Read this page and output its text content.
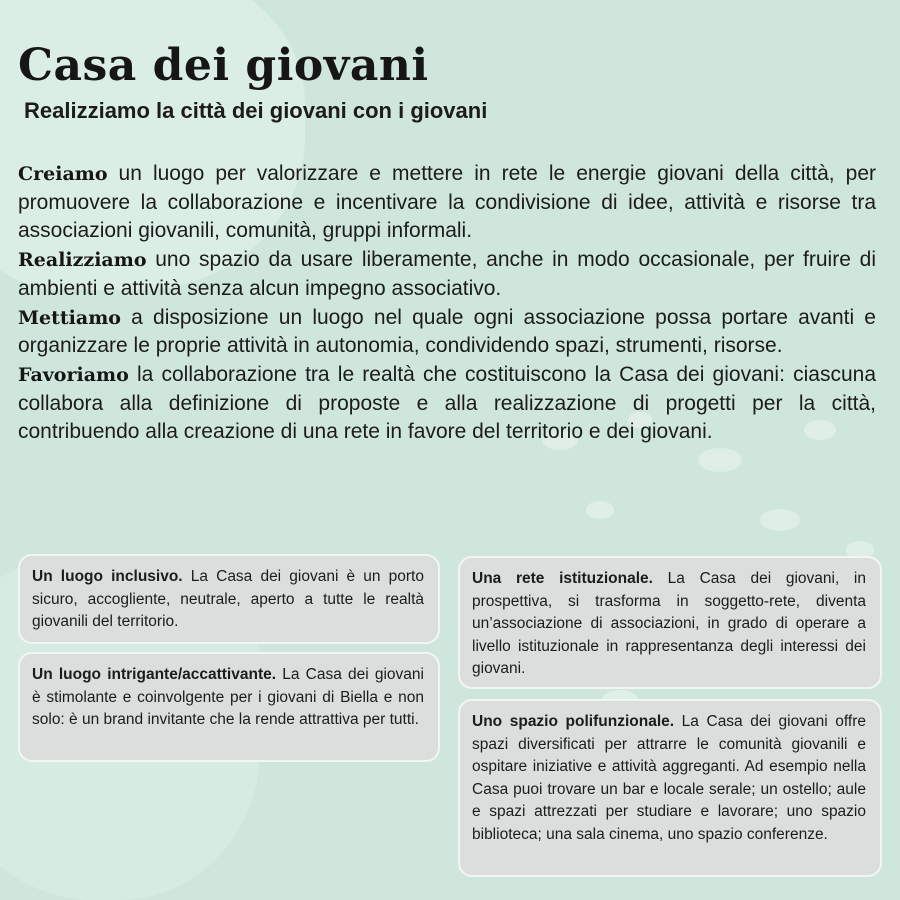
Casa dei giovani
Realizziamo la città dei giovani con i giovani

Creiamo un luogo per valorizzare e mettere in rete le energie giovani della città, per promuovere la collaborazione e incentivare la condivisione di idee, attività e risorse tra associazioni giovanili, comunità, gruppi informali.

Realizziamo uno spazio da usare liberamente, anche in modo occasionale, per fruire di ambienti e attività senza alcun impegno associativo.

Mettiamo a disposizione un luogo nel quale ogni associazione possa portare avanti e organizzare le proprie attività in autonomia, condividendo spazi, strumenti, risorse.

Favoriamo la collaborazione tra le realtà che costituiscono la Casa dei giovani: ciascuna collabora alla definizione di proposte e alla realizzazione di progetti per la città, contribuendo alla creazione di una rete in favore del territorio e dei giovani.

Un luogo inclusivo. La Casa dei giovani è un porto sicuro, accogliente, neutrale, aperto a tutte le realtà giovanili del territorio.
Un luogo intrigante/accattivante. La Casa dei giovani è stimolante e coinvolgente per i giovani di Biella e non solo: è un brand invitante che la rende attrattiva per tutti.
Una rete istituzionale. La Casa dei giovani, in prospettiva, si trasforma in soggetto-rete, diventa un’associazione di associazioni, in grado di operare a livello istituzionale in rappresentanza degli interessi dei giovani.
Uno spazio polifunzionale. La Casa dei giovani offre spazi diversificati per attrarre le comunità giovanili e ospitare iniziative e attività aggreganti. Ad esempio nella Casa puoi trovare un bar e locale serale; un ostello; aule e spazi attrezzati per studiare e lavorare; uno spazio biblioteca; una sala cinema, uno spazio conferenze.
